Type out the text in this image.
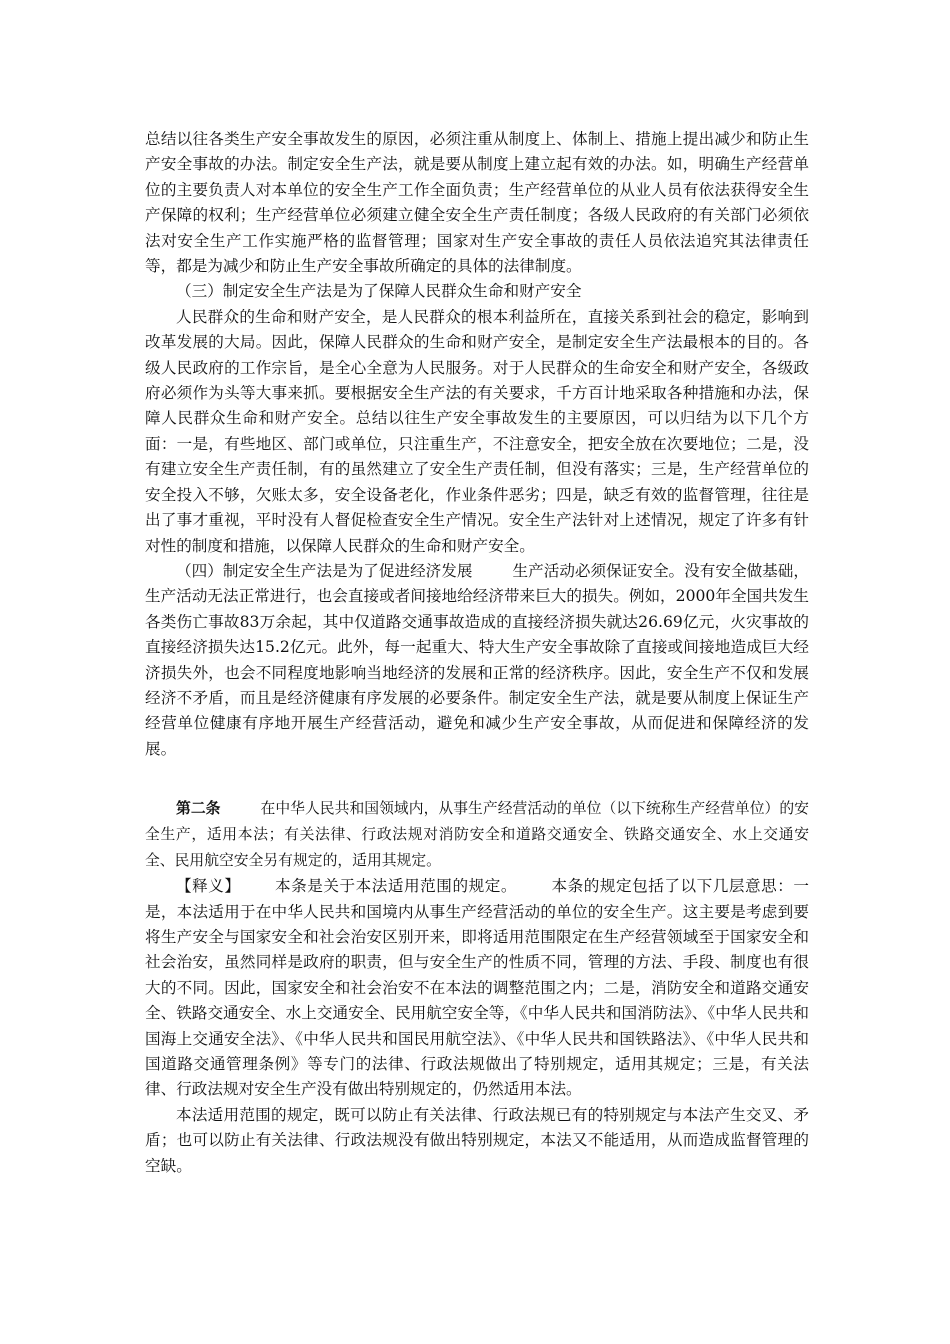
总结以往各类生产安全事故发生的原因，必须注重从制度上、体制上、措施上提出减少和防止生产安全事故的办法。制定安全生产法，就是要从制度上建立起有效的办法。如，明确生产经营单位的主要负责人对本单位的安全生产工作全面负责；生产经营单位的从业人员有依法获得安全生产保障的权利；生产经营单位必须建立健全安全生产责任制度；各级人民政府的有关部门必须依法对安全生产工作实施严格的监督管理；国家对生产安全事故的责任人员依法追究其法律责任等，都是为减少和防止生产安全事故所确定的具体的法律制度。

（三）制定安全生产法是为了保障人民群众生命和财产安全

人民群众的生命和财产安全，是人民群众的根本利益所在，直接关系到社会的稳定，影响到改革发展的大局。因此，保障人民群众的生命和财产安全，是制定安全生产法最根本的目的。各级人民政府的工作宗旨，是全心全意为人民服务。对于人民群众的生命安全和财产安全，各级政府必须作为头等大事来抓。要根据安全生产法的有关要求，千方百计地采取各种措施和办法，保障人民群众生命和财产安全。总结以往生产安全事故发生的主要原因，可以归结为以下几个方面：一是，有些地区、部门或单位，只注重生产，不注意安全，把安全放在次要地位；二是，没有建立安全生产责任制，有的虽然建立了安全生产责任制，但没有落实；三是，生产经营单位的安全投入不够，欠账太多，安全设备老化，作业条件恶劣；四是，缺乏有效的监督管理，往往是出了事才重视，平时没有人督促检查安全生产情况。安全生产法针对上述情况，规定了许多有针对性的制度和措施，以保障人民群众的生命和财产安全。

（四）制定安全生产法是为了促进经济发展	生产活动必须保证安全。没有安全做基础，生产活动无法正常进行，也会直接或者间接地给经济带来巨大的损失。例如，2000年全国共发生各类伤亡事故83万余起，其中仅道路交通事故造成的直接经济损失就达26.69亿元，火灾事故的直接经济损失达15.2亿元。此外，每一起重大、特大生产安全事故除了直接或间接地造成巨大经济损失外，也会不同程度地影响当地经济的发展和正常的经济秩序。因此，安全生产不仅和发展经济不矛盾，而且是经济健康有序发展的必要条件。制定安全生产法，就是要从制度上保证生产经营单位健康有序地开展生产经营活动，避免和减少生产安全事故，从而促进和保障经济的发展。

第二条	在中华人民共和国领域内，从事生产经营活动的单位（以下统称生产经营单位）的安全生产，适用本法；有关法律、行政法规对消防安全和道路交通安全、铁路交通安全、水上交通安全、民用航空安全另有规定的，适用其规定。

【释义】 本条是关于本法适用范围的规定。 本条的规定包括了以下几层意思：一是，本法适用于在中华人民共和国境内从事生产经营活动的单位的安全生产。这主要是考虑到要将生产安全与国家安全和社会治安区别开来，即将适用范围限定在生产经营领域至于国家安全和社会治安，虽然同样是政府的职责，但与安全生产的性质不同，管理的方法、手段、制度也有很大的不同。因此，国家安全和社会治安不在本法的调整范围之内；二是，消防安全和道路交通安全、铁路交通安全、水上交通安全、民用航空安全等，《中华人民共和国消防法》、《中华人民共和国海上交通安全法》、《中华人民共和国民用航空法》、《中华人民共和国铁路法》、《中华人民共和国道路交通管理条例》等专门的法律、行政法规做出了特别规定，适用其规定；三是，有关法律、行政法规对安全生产没有做出特别规定的，仍然适用本法。

本法适用范围的规定，既可以防止有关法律、行政法规已有的特别规定与本法产生交叉、矛盾；也可以防止有关法律、行政法规没有做出特别规定，本法又不能适用，从而造成监督管理的空缺。
